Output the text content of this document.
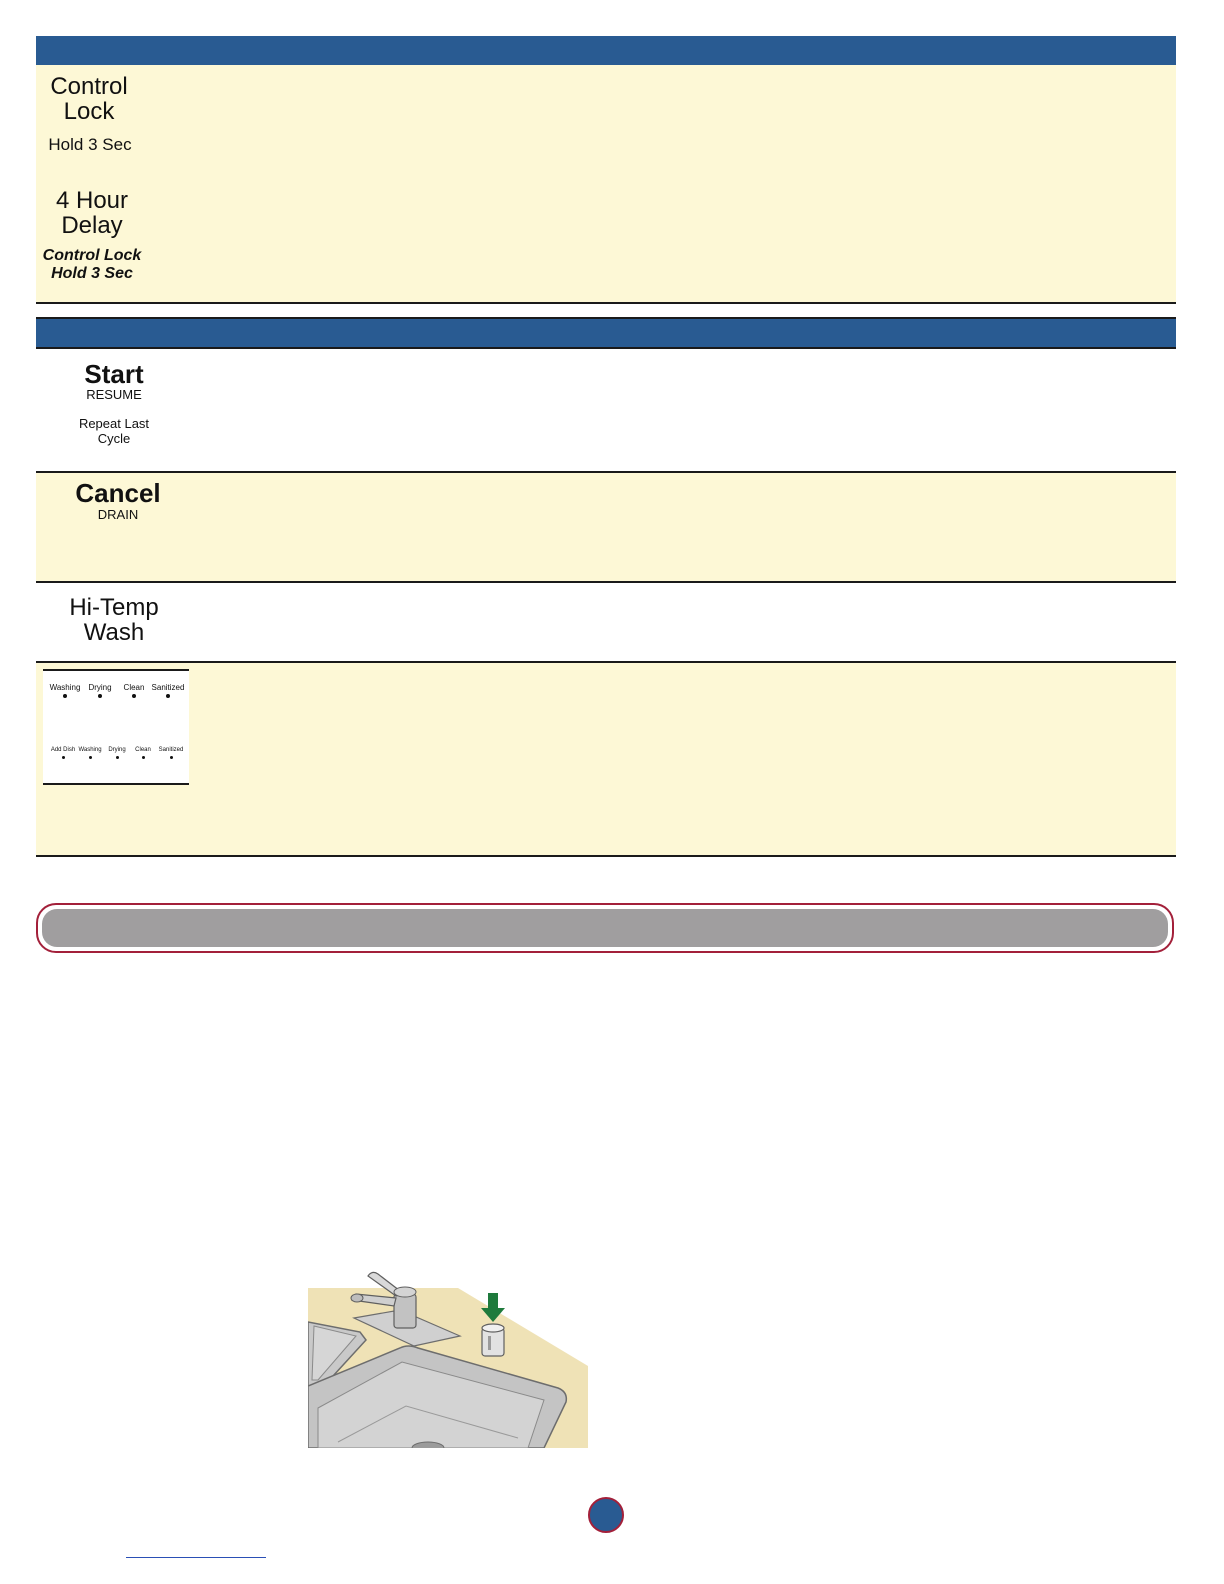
Control
Lock
Hold 3 Sec
4 Hour
Delay
Control Lock
Hold 3 Sec
Start
RESUME
Repeat Last
Cycle
Cancel
DRAIN
Hi-Temp
Wash
Washing	Drying	Clean Sanitized
Add Dish Washing	Drying	Clean	Sanitized
